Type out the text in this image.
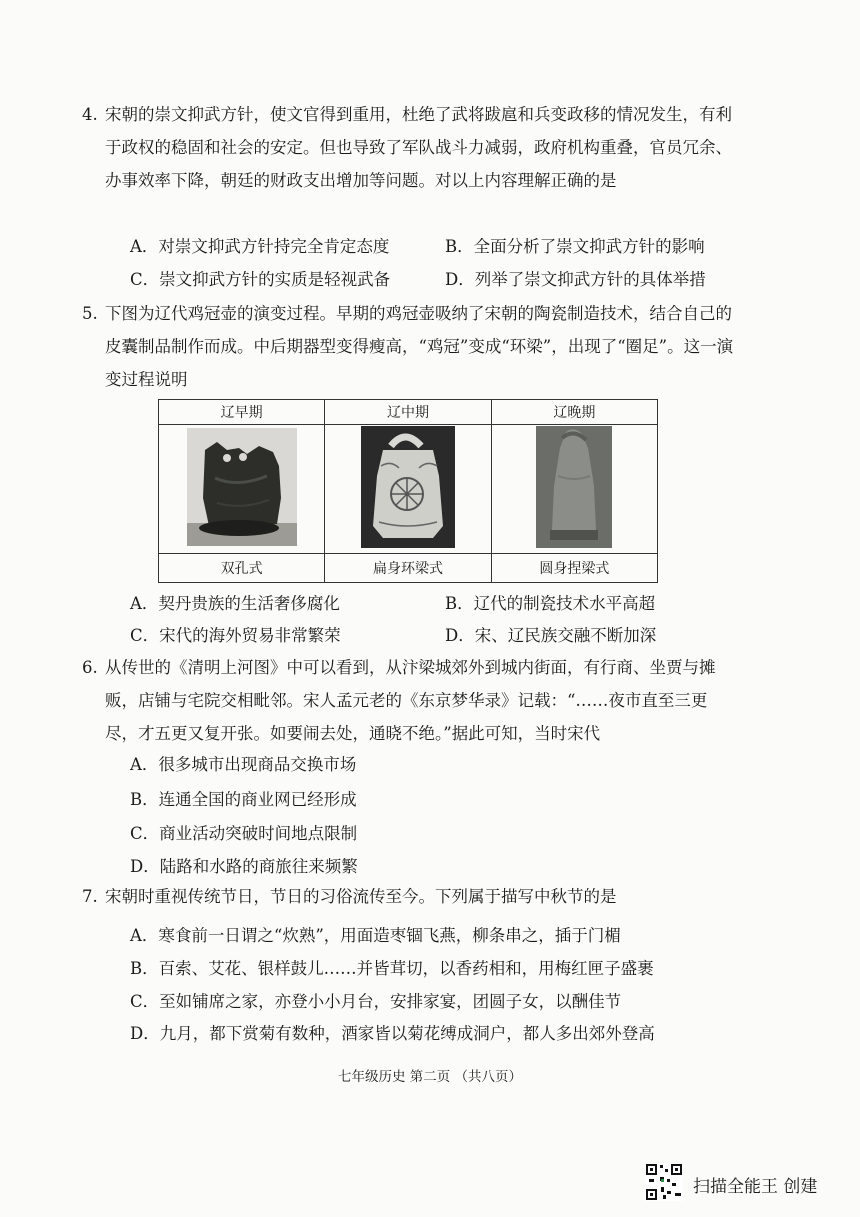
4. 宋朝的崇文抑武方针，使文官得到重用，杜绝了武将跋扈和兵变政移的情况发生，有利于政权的稳固和社会的安定。但也导致了军队战斗力减弱，政府机构重叠，官员冗余、办事效率下降，朝廷的财政支出增加等问题。对以上内容理解正确的是
A．对崇文抑武方针持完全肯定态度	B．全面分析了崇文抑武方针的影响
C．崇文抑武方针的实质是轻视武备	D．列举了崇文抑武方针的具体举措
5. 下图为辽代鸡冠壶的演变过程。早期的鸡冠壶吸纳了宋朝的陶瓷制造技术，结合自己的皮囊制品制作而成。中后期器型变得瘦高，“鸡冠”变成“环梁”，出现了“圈足”。这一演变过程说明
辽早期	辽中期	辽晚期

双孔式	扁身环梁式	圆身捏梁式
A．契丹贵族的生活奢侈腐化	B．辽代的制瓷技术水平高超
C．宋代的海外贸易非常繁荣	D．宋、辽民族交融不断加深
6. 从传世的《清明上河图》中可以看到，从汴梁城郊外到城内街面，有行商、坐贾与摊贩，店铺与宅院交相毗邻。宋人孟元老的《东京梦华录》记载：“……夜市直至三更尽，才五更又复开张。如要闹去处，通晓不绝。”据此可知，当时宋代
A．很多城市出现商品交换市场
B．连通全国的商业网已经形成
C．商业活动突破时间地点限制
D．陆路和水路的商旅往来频繁
7. 宋朝时重视传统节日，节日的习俗流传至今。下列属于描写中秋节的是
A．寒食前一日谓之“炊熟”，用面造枣锢飞燕，柳条串之，插于门楣
B．百索、艾花、银样鼓儿……并皆茸切，以香药相和，用梅红匣子盛裹
C．至如铺席之家，亦登小小月台，安排家宴，团圆子女，以酬佳节
D．九月，都下赏菊有数种，酒家皆以菊花缚成洞户，都人多出郊外登高
七年级历史 第二页 （共八页）
扫描全能王 创建
